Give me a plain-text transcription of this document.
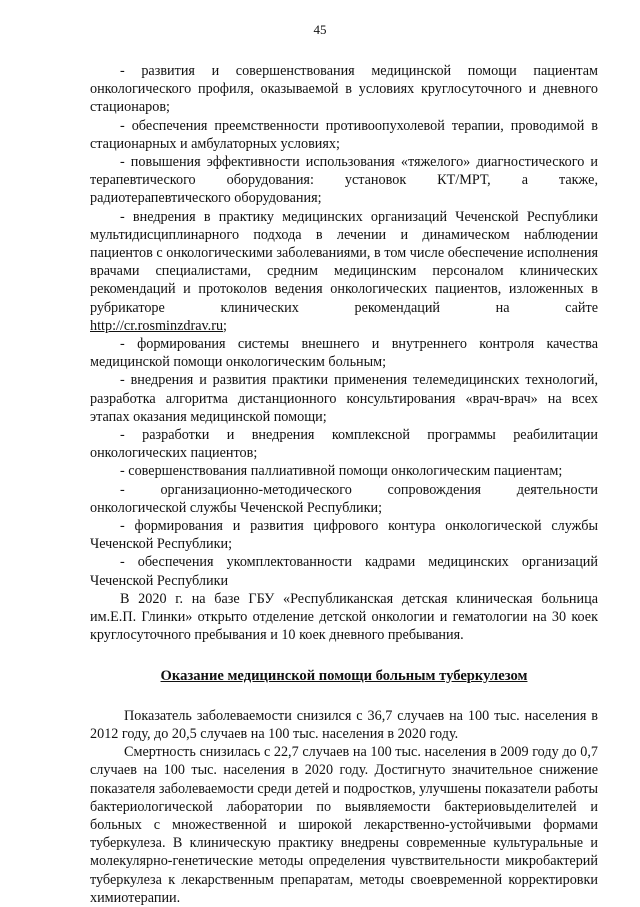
45

- развития и совершенствования медицинской помощи пациентам онкологического профиля, оказываемой в условиях круглосуточного и дневного стационаров;

- обеспечения преемственности противоопухолевой терапии, проводимой в стационарных и амбулаторных условиях;

- повышения эффективности использования «тяжелого» диагностического и терапевтического оборудования: установок КТ/МРТ, а также, радиотерапевтического оборудования;

- внедрения в практику медицинских организаций Чеченской Республики мультидисциплинарного подхода в лечении и динамическом наблюдении пациентов с онкологическими заболеваниями, в том числе обеспечение исполнения врачами специалистами, средним медицинским персоналом клинических рекомендаций и протоколов ведения онкологических пациентов, изложенных в рубрикаторе клинических рекомендаций на сайте

http://cr.rosminzdrav.ru;

- формирования системы внешнего и внутреннего контроля качества медицинской помощи онкологическим больным;

- внедрения и развития практики применения телемедицинских технологий, разработка алгоритма дистанционного консультирования «врач-врач» на всех этапах оказания медицинской помощи;

- разработки и внедрения комплексной программы реабилитации онкологических пациентов;

- совершенствования паллиативной помощи онкологическим пациентам;

- организационно-методического сопровождения деятельности онкологической службы Чеченской Республики;

- формирования и развития цифрового контура онкологической службы Чеченской Республики;

- обеспечения укомплектованности кадрами медицинских организаций Чеченской Республики

В 2020 г. на базе ГБУ «Республиканская детская клиническая больница им.Е.П. Глинки» открыто отделение детской онкологии и гематологии на 30 коек круглосуточного пребывания и 10 коек дневного пребывания.

Оказание медицинской помощи больным туберкулезом

Показатель заболеваемости снизился с 36,7 случаев на 100 тыс. населения в 2012 году, до 20,5 случаев на 100 тыс. населения в 2020 году.

Смертность снизилась с 22,7 случаев на 100 тыс. населения в 2009 году до 0,7 случаев на 100 тыс. населения в 2020 году. Достигнуто значительное снижение показателя заболеваемости среди детей и подростков, улучшены показатели работы бактериологической лаборатории по выявляемости бактериовыделителей и больных с множественной и широкой лекарственно-устойчивыми формами туберкулеза. В клиническую практику внедрены современные культуральные и молекулярно-генетические методы определения чувствительности микробактерий туберкулеза к лекарственным препаратам, методы своевременной корректировки химиотерапии.
